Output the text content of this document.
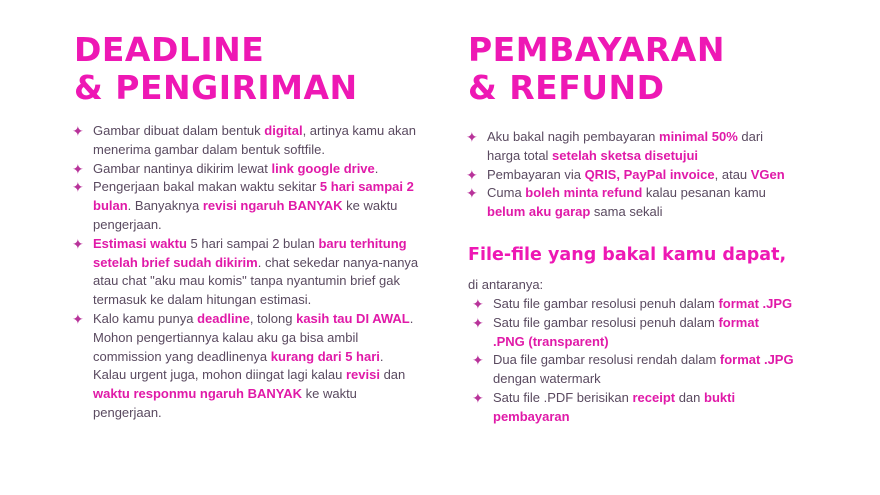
DEADLINE
& PENGIRIMAN
✦ Gambar dibuat dalam bentuk digital, artinya kamu akan menerima gambar dalam bentuk softfile.
✦ Gambar nantinya dikirim lewat link google drive.
✦ Pengerjaan bakal makan waktu sekitar 5 hari sampai 2 bulan. Banyaknya revisi ngaruh BANYAK ke waktu pengerjaan.
✦ Estimasi waktu 5 hari sampai 2 bulan baru terhitung setelah brief sudah dikirim. chat sekedar nanya-nanya atau chat "aku mau komis" tanpa nyantumin brief gak termasuk ke dalam hitungan estimasi.
✦ Kalo kamu punya deadline, tolong kasih tau DI AWAL. Mohon pengertiannya kalau aku ga bisa ambil commission yang deadlinenya kurang dari 5 hari. Kalau urgent juga, mohon diingat lagi kalau revisi dan waktu responmu ngaruh BANYAK ke waktu pengerjaan.
PEMBAYARAN
& REFUND
✦ Aku bakal nagih pembayaran minimal 50% dari harga total setelah sketsa disetujui
✦ Pembayaran via QRIS, PayPal invoice, atau VGen
✦ Cuma boleh minta refund kalau pesanan kamu belum aku garap sama sekali
File-file yang bakal kamu dapat,

di antaranya:

✦ Satu file gambar resolusi penuh dalam format .JPG
✦ Satu file gambar resolusi penuh dalam format .PNG (transparent)
✦ Dua file gambar resolusi rendah dalam format .JPG dengan watermark
✦ Satu file .PDF berisikan receipt dan bukti pembayaran
